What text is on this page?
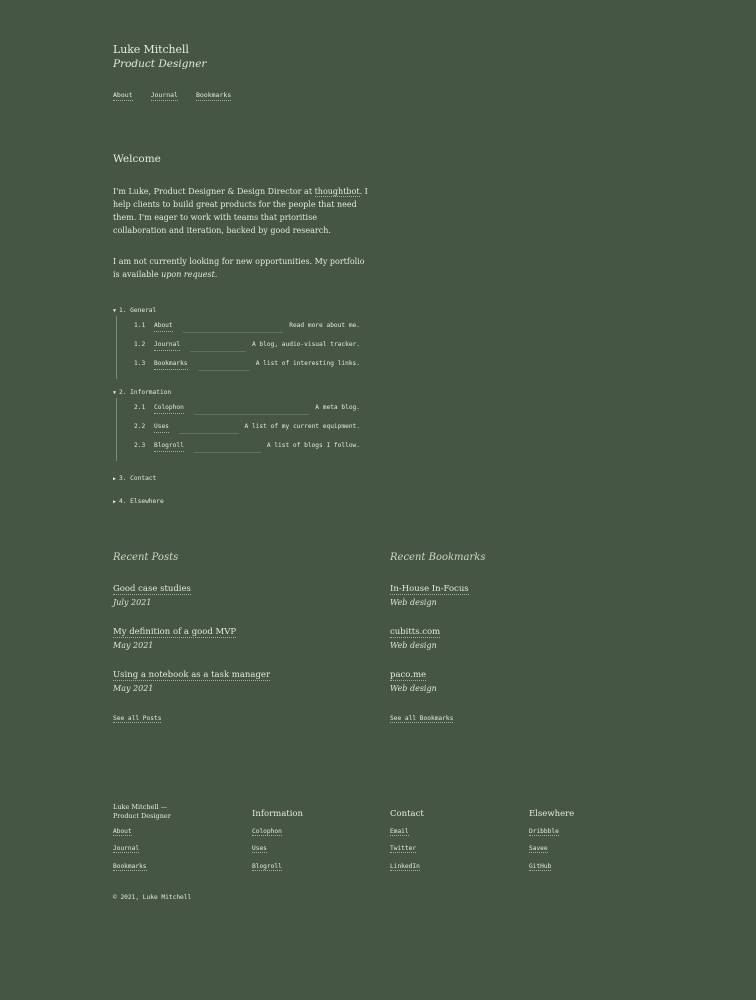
Luke Mitchell
Product Designer
About	Journal	Bookmarks
Welcome

I'm Luke, Product Designer & Design Director at thoughtbot. I help clients to build great products for the people that need them. I'm eager to work with teams that prioritise collaboration and iteration, backed by good research.

I am not currently looking for new opportunities. My portfolio is available upon request.

▼ 1. General
1.1	About	Read more about me.
1.2	Journal	A blog, audio-visual tracker.
1.3	Bookmarks	A list of interesting links.
▼ 2. Information
2.1	Colophon	A meta blog.
2.2	Uses	A list of my current equipment.
2.3	Blogroll	A list of blogs I follow.
▶ 3. Contact
▶ 4. Elsewhere
Recent Posts
Good case studies
July 2021
My definition of a good MVP
May 2021
Using a notebook as a task manager
May 2021
See all Posts
Recent Bookmarks
In-House In-Focus
Web design
cubitts.com
Web design
paco.me
Web design
See all Bookmarks
Luke Mitchell —
Product Designer
About
Journal
Bookmarks
Information
Colophon
Uses
Blogroll
Contact
Email
Twitter
LinkedIn
Elsewhere
Dribbble
Savee
GitHub
© 2021, Luke Mitchell
